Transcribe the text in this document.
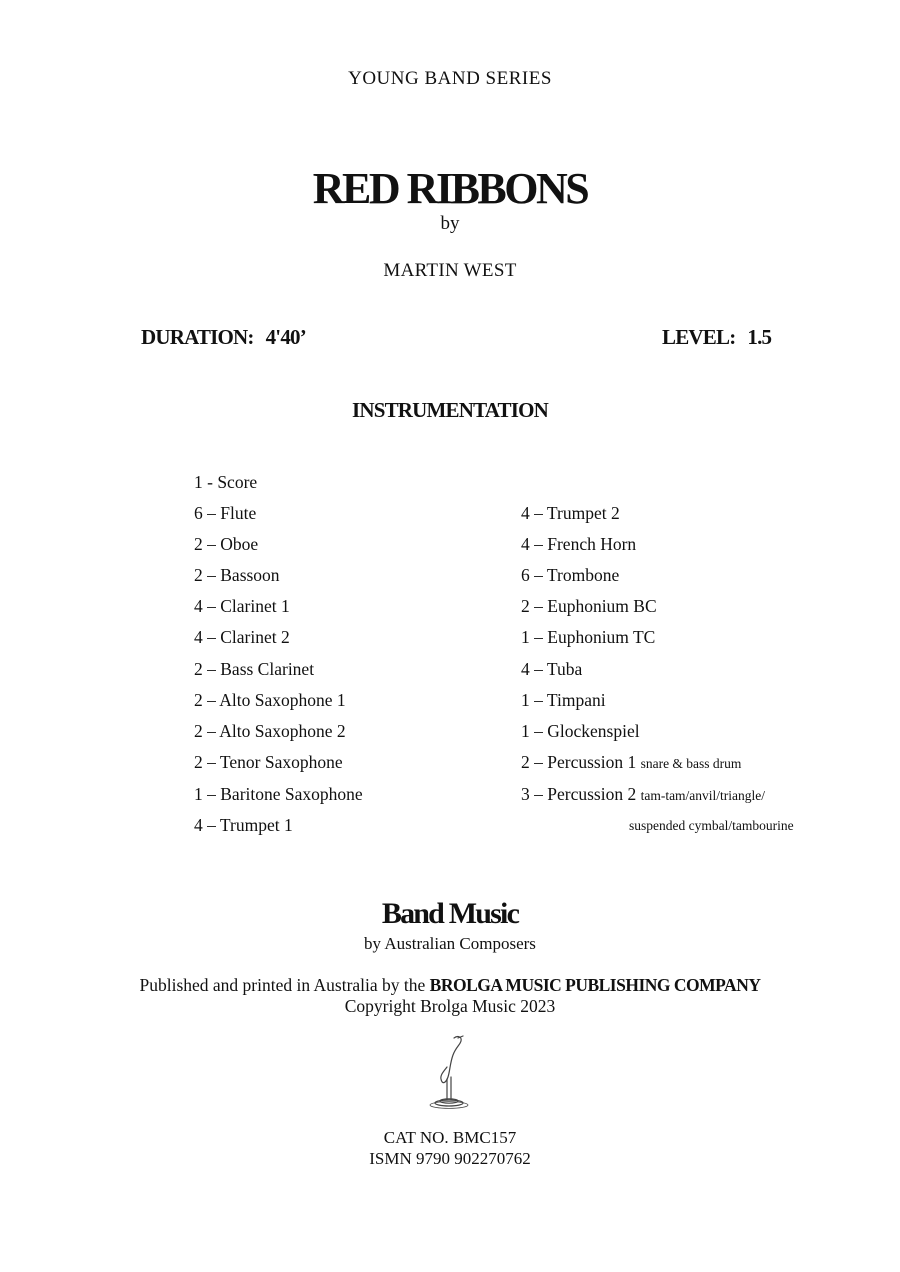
YOUNG BAND SERIES
RED RIBBONS
by
MARTIN WEST
DURATION: 4'40’	LEVEL: 1.5
INSTRUMENTATION
1 - Score
6 – Flute
2 – Oboe
2 – Bassoon
4 – Clarinet 1
4 – Clarinet 2
2 – Bass Clarinet
2 – Alto Saxophone 1
2 – Alto Saxophone 2
2 – Tenor Saxophone
1 – Baritone Saxophone
4 – Trumpet 1
4 – Trumpet 2
4 – French Horn
6 – Trombone
2 – Euphonium BC
1 – Euphonium TC
4 – Tuba
1 – Timpani
1 – Glockenspiel
2 – Percussion 1 snare & bass drum
3 – Percussion 2 tam-tam/anvil/triangle/
suspended cymbal/tambourine
Band Music
by Australian Composers
Published and printed in Australia by the BROLGA MUSIC PUBLISHING COMPANY
Copyright Brolga Music 2023
CAT NO. BMC157
ISMN 9790 902270762
